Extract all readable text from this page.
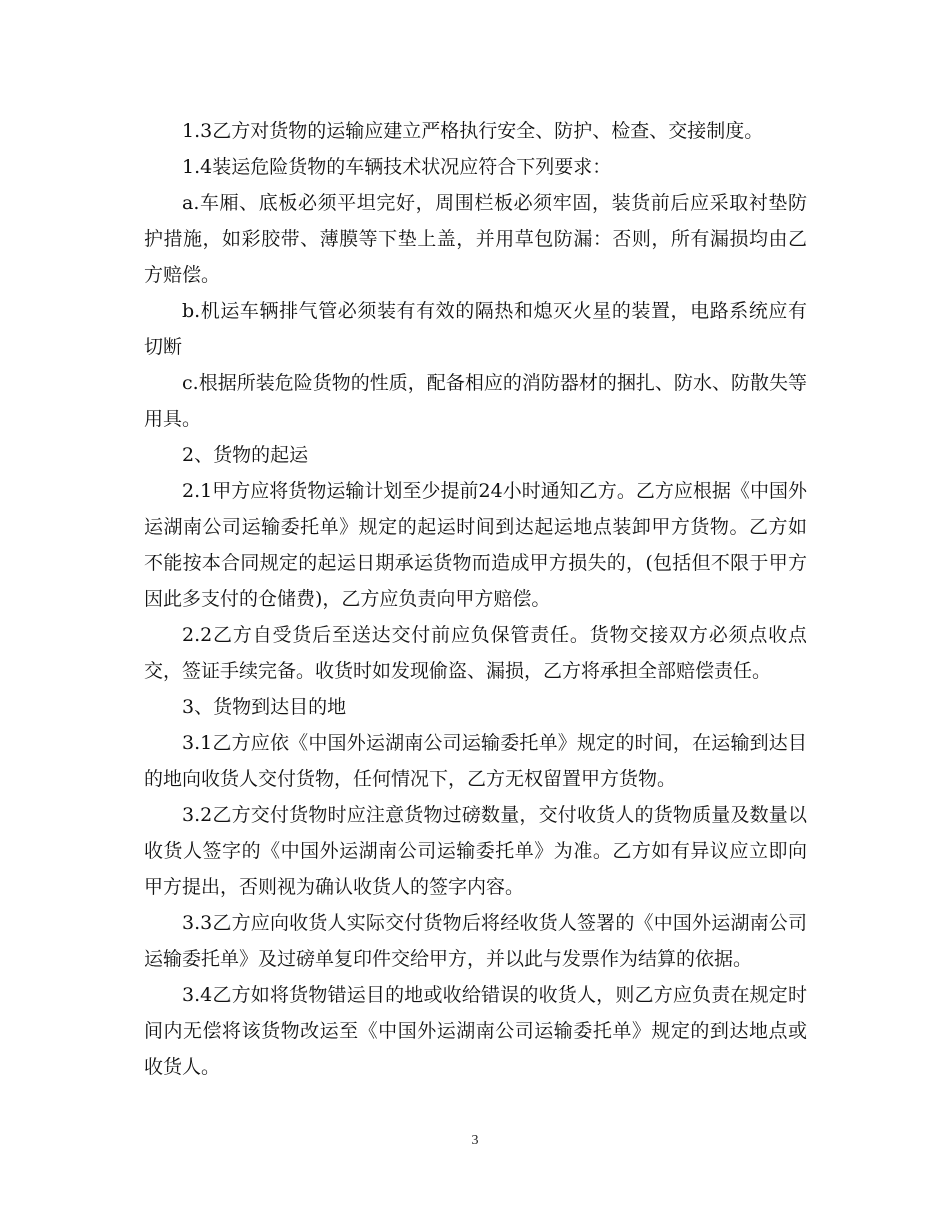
1.3乙方对货物的运输应建立严格执行安全、防护、检查、交接制度。

1.4装运危险货物的车辆技术状况应符合下列要求：

a.车厢、底板必须平坦完好，周围栏板必须牢固，装货前后应采取衬垫防护措施，如彩胶带、薄膜等下垫上盖，并用草包防漏：否则，所有漏损均由乙方赔偿。

b.机运车辆排气管必须装有有效的隔热和熄灭火星的装置，电路系统应有切断

c.根据所装危险货物的性质，配备相应的消防器材的捆扎、防水、防散失等用具。

2、货物的起运

2.1甲方应将货物运输计划至少提前24小时通知乙方。乙方应根据《中国外运湖南公司运输委托单》规定的起运时间到达起运地点装卸甲方货物。乙方如不能按本合同规定的起运日期承运货物而造成甲方损失的，(包括但不限于甲方因此多支付的仓储费)，乙方应负责向甲方赔偿。

2.2乙方自受货后至送达交付前应负保管责任。货物交接双方必须点收点交，签证手续完备。收货时如发现偷盗、漏损，乙方将承担全部赔偿责任。

3、货物到达目的地

3.1乙方应依《中国外运湖南公司运输委托单》规定的时间，在运输到达目的地向收货人交付货物，任何情况下，乙方无权留置甲方货物。

3.2乙方交付货物时应注意货物过磅数量，交付收货人的货物质量及数量以收货人签字的《中国外运湖南公司运输委托单》为准。乙方如有异议应立即向甲方提出，否则视为确认收货人的签字内容。

3.3乙方应向收货人实际交付货物后将经收货人签署的《中国外运湖南公司运输委托单》及过磅单复印件交给甲方，并以此与发票作为结算的依据。

3.4乙方如将货物错运目的地或收给错误的收货人，则乙方应负责在规定时间内无偿将该货物改运至《中国外运湖南公司运输委托单》规定的到达地点或收货人。

3
